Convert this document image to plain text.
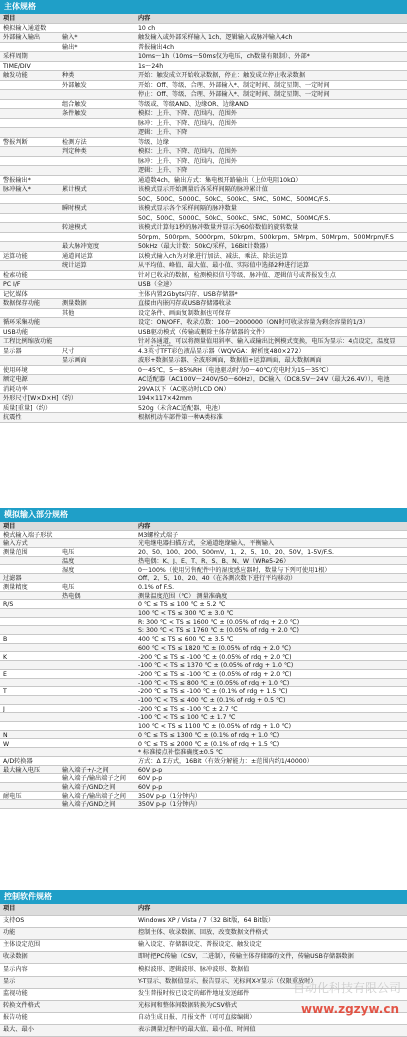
主体规格
项目	内容
模拟输入通道数	10 ch
外部输入输出	输入*	触发输入或外部采样输入 1ch、逻辑输入或脉冲输入4ch
输出*	普报输出4ch
采样周期	10ms～1h（10ms～50ms仅为电压，ch数量有限制）、外部*
TIME/DIV	1s～24h
触发功能	种类	开始：触发成立开始收录数据，停止：触发成立停止收录数据
外部触发	开始：Off、等级、合理、外部输入*、制定时间、制定星期、一定时间
停止：Off、等级、合理、外部输入*、制定时间、制定星期、一定时间
组合触发	等级或、等级AND、边缘OR、边缘AND
条件触发	模拟：上升、下降、范围内、范围外
脉冲：上升、下降、范围内、范围外
逻辑：上升、下降
警报判断	检测方法	等级、边缘
判定种类	模拟：上升、下降、范围内、范围外
脉冲：上升、下降、范围内、范围外
逻辑：上升、下降
警报输出*	通道数4ch，输出方式：集电极开路输出（上位电阻10kΩ）
脉冲输入*	累计模式	该模式显示开始测量后各采样间隔的脉冲累计值
50C、500C、5000C、50kC、500kC、5MC、50MC、500MC/F.S.
瞬时模式	该模式显示各个采样间隔的脉冲数量
50C、500C、5000C、50kC、500kC、5MC、50MC、500MC/F.S.
转速模式	该模式计算每1秒的脉冲数量并显示为60倍数值的旋转数量
50rpm、500rpm、5000rpm、50krpm、500krpm、5Mrpm、50Mrpm、500Mrpm/F.S
最大脉冲宽度	50kHz（最大计数：50kC/采样，16Bit计数器）
运算功能	通道间运算	以模式输入ch为对象进行加法、减法、乘法、除法运算
统计运算	从平均值、峰值、最大值、最小值、实际值中选择2种进行运算
检索功能	针对已收录的数据，检测模拟信号等级、脉冲值、逻辑信号或普报发生点
PC I/F	USB（全速）
记忆媒体	主体内置2Gbyts闪存、USB存储器*
数据保存功能	测量数据	直接由内嵌闪存或USB存储器收录
其他	设定条件、画面复制数据也可保存
循环采集功能	设定：ON/OFF、收录点数：100～2000000（ON时可收录容量为剩余容量的1/3）
USB功能	USB驱动模式（传输或删除主体存储器的文件）
工程比例缩放功能	针对各通道，可以将测量值用斜率、输入或输出比例模式变换，电压为显示：4点设定，温度显
显示器	尺寸	4.3英寸TFT彩色液晶显示器（WQVGA：解析度480×272）
显示画面	波形+数据显示器、全波形画面，数据值+运算画面，最大数据画面
使用环境	0～45℃，5～85%RH（电池驱动时为0～40℃/充电时为15～35℃）
额定电源	AC适配器（AC100V～240V/50～60Hz），DC输入（DC8.5V～24V（最大26.4V）），电池
消耗功率	29VA以下（AC驱动时LCD ON）
外形尺寸[W×D×H]（约）	194×117×42mm
质量[重量]（约）	520g（未含AC适配器、电池）
抗震性	根据机动车部件第一种A类标准
模拟输入部分规格
项目	内容
模式输入端子形状	M3螺栓式端子
输入方式	光电继电器扫描方式，全通道绝缘输入，平衡输入
测量范围	电压	20、50、100、200、500mV，1、2、5、10、20、50V，1-5V/F.S.
温度	热电偶：K、J、E、T、R、S、B、N、W（WRe5-26）
湿度	0～100%（使用另售配件中的湿度感应器时，数量与下列可使用1根）
过滤器	Off、2、5、10、20、40（在各测次数下进行平均移动）
测量精度	电压	0.1% of F.S.
热电偶	测量温度范围（℃） 测量准确度
R/S	0 ℃ ≤ TS ≤ 100 ℃ ± 5.2 ℃
100 ℃ < TS ≤ 300 ℃ ± 3.0 ℃
R: 300 ℃ < TS ≤ 1600 ℃ ± (0.05% of rdg + 2.0 ℃)
S: 300 ℃ < TS ≤ 1760 ℃ ± (0.05% of rdg + 2.0 ℃)
B	400 ℃ ≤ TS ≤ 600 ℃ ± 3.5 ℃
600 ℃ < TS ≤ 1820 ℃ ± (0.05% of rdg + 2.0 ℃)
K	-200 ℃ ≤ TS ≤ -100 ℃ ± (0.05% of rdg + 2.0 ℃)
-100 ℃ < TS ≤ 1370 ℃ ± (0.05% of rdg + 1.0 ℃)
E	-200 ℃ ≤ TS ≤ -100 ℃ ± (0.05% of rdg + 2.0 ℃)
-100 ℃ < TS ≤ 800 ℃ ± (0.05% of rdg + 1.0 ℃)
T	-200 ℃ ≤ TS ≤ -100 ℃ ± (0.1% of rdg + 1.5 ℃)
-100 ℃ < TS ≤ 400 ℃ ± (0.1% of rdg + 0.5 ℃)
J	-200 ℃ ≤ TS ≤ -100 ℃ ± 2.7 ℃
-100 ℃ < TS ≤ 100 ℃ ± 1.7 ℃
100 ℃ < TS ≤ 1100 ℃ ± (0.05% of rdg + 1.0 ℃)
N	0 ℃ ≤ TS ≤ 1300 ℃ ± (0.1% of rdg + 1.0 ℃)
W	0 ℃ ≤ TS ≤ 2000 ℃ ± (0.1% of rdg + 1.5 ℃)
* 标准接点补偿准确度±0.5 ℃
A/D转换器	方式：Δ Σ方式，16Bit（有效分解能力：±范围内约1/40000）
最大输入电压	输入端子+/-之间	60V p-p
输入端子/输出端子之间	60V p-p
输入端子/GND之间	60V p-p
耐电压	输入端子/输出端子之间	350V p-p（1分钟内）
输入端子/GND之间	350V p-p（1分钟内）
控制软件规格
项目	内容
支持OS	Windows XP / Vista / 7（32 Bit版，64 Bit版）
功能	控制主体、收录数据、回放、改变数据文件格式
主体设定范围	输入设定、存储器设定、普报设定、触发设定
收录数据	即时把PC传输（CSV，二进制），传输主体存储器的文件，传输USB存储器数据
显示内容	模拟波形、逻辑波形、脉冲波形、数据值
显示	Y-T显示、数据值显示、报告显示、光标间X-Y显示（仅限重放时）
监视功能	发生普报时按已设定的邮件地址发送邮件
转换文件格式	光标间和整体间数据转换为CSV格式
报告功能	自动生成日报、月报文件（可可直接编辑）
最大、最小	表示测量过程中的最大值、最小值、时间值
自动化科技有限公司
www.zgzyw.cn
